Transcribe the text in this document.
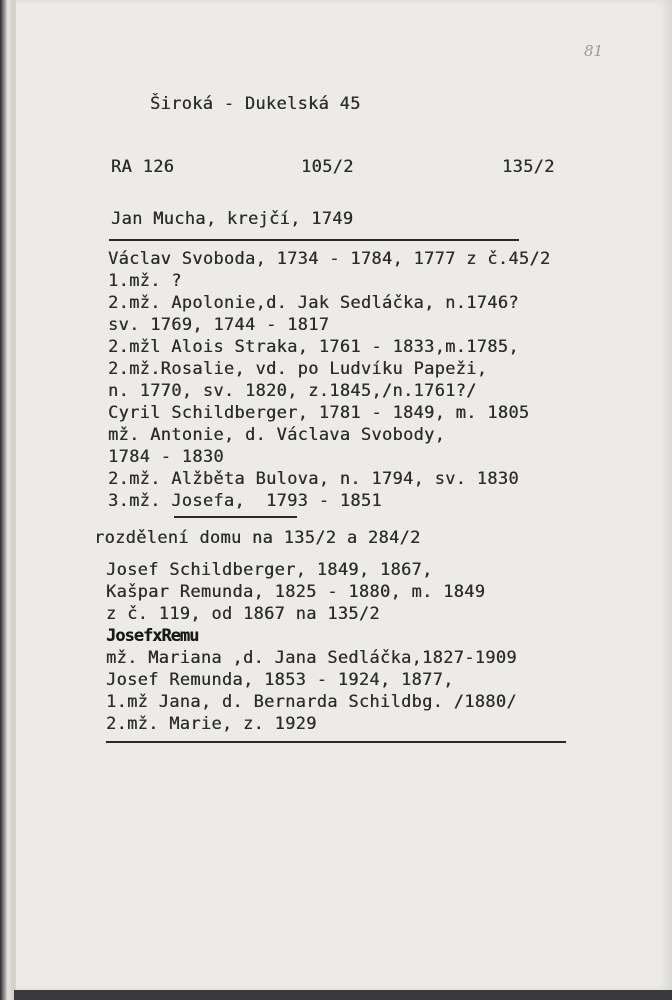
81
Široká - Dukelská 45
RA 126	105/2	135/2
Jan Mucha, krejčí, 1749
Václav Svoboda, 1734 - 1784, 1777 z č.45/2
1.mž. ?
2.mž. Apolonie,d. Jak Sedláčka, n.1746?
sv. 1769, 1744 - 1817
2.mžl Alois Straka, 1761 - 1833,m.1785,
2.mž.Rosalie, vd. po Ludvíku Papeži,
n. 1770, sv. 1820, z.1845,/n.1761?/
Cyril Schildberger, 1781 - 1849, m. 1805
mž. Antonie, d. Václava Svobody,
1784 - 1830
2.mž. Alžběta Bulova, n. 1794, sv. 1830
3.mž. Josefa,  1793 - 1851
rozdělení domu na 135/2 a 284/2
Josef Schildberger, 1849, 1867,
Kašpar Remunda, 1825 - 1880, m. 1849
z č. 119, od 1867 na 135/2
JosefxRemu
mž. Mariana ,d. Jana Sedláčka,1827-1909
Josef Remunda, 1853 - 1924, 1877,
1.mž Jana, d. Bernarda Schildbg. /1880/
2.mž. Marie, z. 1929
